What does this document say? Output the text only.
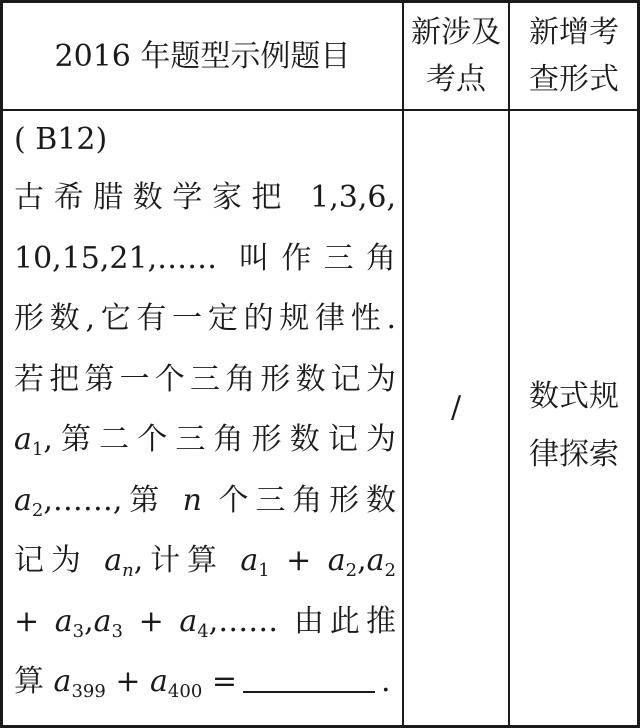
2016 年题型示例题目
新涉及
考点
新增考
查形式
( B12)
古希腊数学家把 1,3,6,
10,15,21,…… 叫作三角
形数,它有一定的规律性.
若把第一个三角形数记为
$a_1$,第二个三角形数记为
$a_2,\dots\dots$,第 n 个三角形数
记为 $a_n$,计算 $a_1 + a_2,a_2$
+ $a_3,a_3$ + $a_4,\dots\dots$ 由此推
算 $a_{399} + a_{400}$ =	.
/	数式规
律探索
